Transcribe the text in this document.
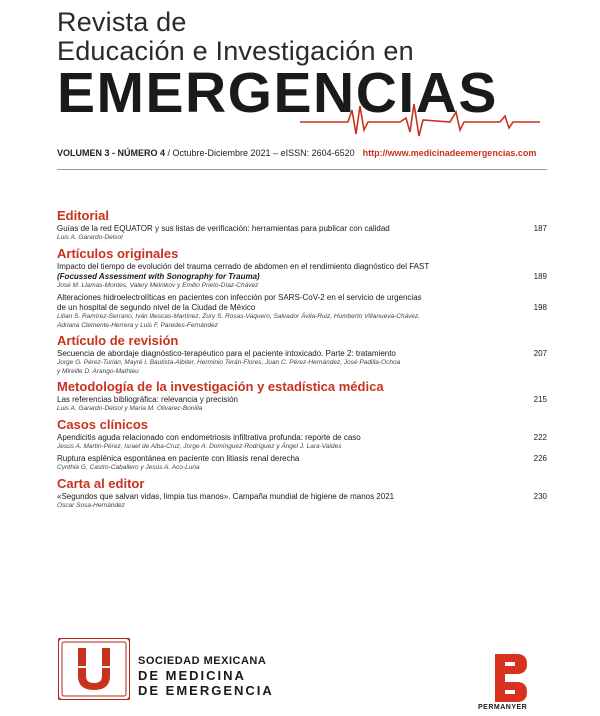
Revista de
Educación e Investigación en
EMERGENCIAS
VOLUMEN 3 - NÚMERO 4 / Octubre-Diciembre 2021 – eISSN: 2604-6520 http://www.medicinadeemergencias.com
Editorial
Guías de la red EQUATOR y sus listas de verificación: herramientas para publicar con calidad	187
Luis A. Garardo-Delsol
Artículos originales
Impacto del tiempo de evolución del trauma cerrado de abdomen en el rendimiento diagnóstico del FAST
(Focussed Assessment with Sonography for Trauma)	189
José M. Llamas-Montes, Valery Melnikov y Emilio Prieto-Díaz-Chávez
Alteraciones hidroelectrolíticas en pacientes con infección por SARS-CoV-2 en el servicio de urgencias
de un hospital de segundo nivel de la Ciudad de México	198
Lilian S. Ramírez-Serrano, Iván Illescas-Martínez, Zury S. Rosas-Vaquero, Salvador Ávila-Ruiz, Humberto Villanueva-Chávez,
Adriana Clemente-Herrera y Luis F. Paredes-Fernández
Artículo de revisión
Secuencia de abordaje diagnóstico-terapéutico para el paciente intoxicado. Parte 2: tratamiento	207
Jorge G. Pérez-Turián, Mayré I. Bautista-Albiter, Herminio Terán-Flores, Juan C. Pérez-Hernández, José Padilla-Ochoa
y Mireille D. Arango-Mathieu
Metodología de la investigación y estadística médica
Las referencias bibliográfica: relevancia y precisión	215
Luis A. Garardo-Delsol y María M. Olivarec-Bonilla
Casos clínicos
Apendicitis aguda relacionado con endometriosis infiltrativa profunda: reporte de caso	222
Jesús A. Martin-Pérez, Israel de Alba-Cruz, Jorge A. Domínguez-Rodríguez y Ángel J. Lara-Valdes
Ruptura esplénica espontánea en paciente con litiasis renal derecha	226
Cynthia G. Castro-Caballero y Jesús A. Aco-Luna
Carta al editor
«Segundos que salvan vidas, limpia tus manos». Campaña mundial de higiene de manos 2021	230
Oscar Sosa-Hernández
SOCIEDAD MEXICANA
DE MEDICINA
DE EMERGENCIA
PERMANYER
